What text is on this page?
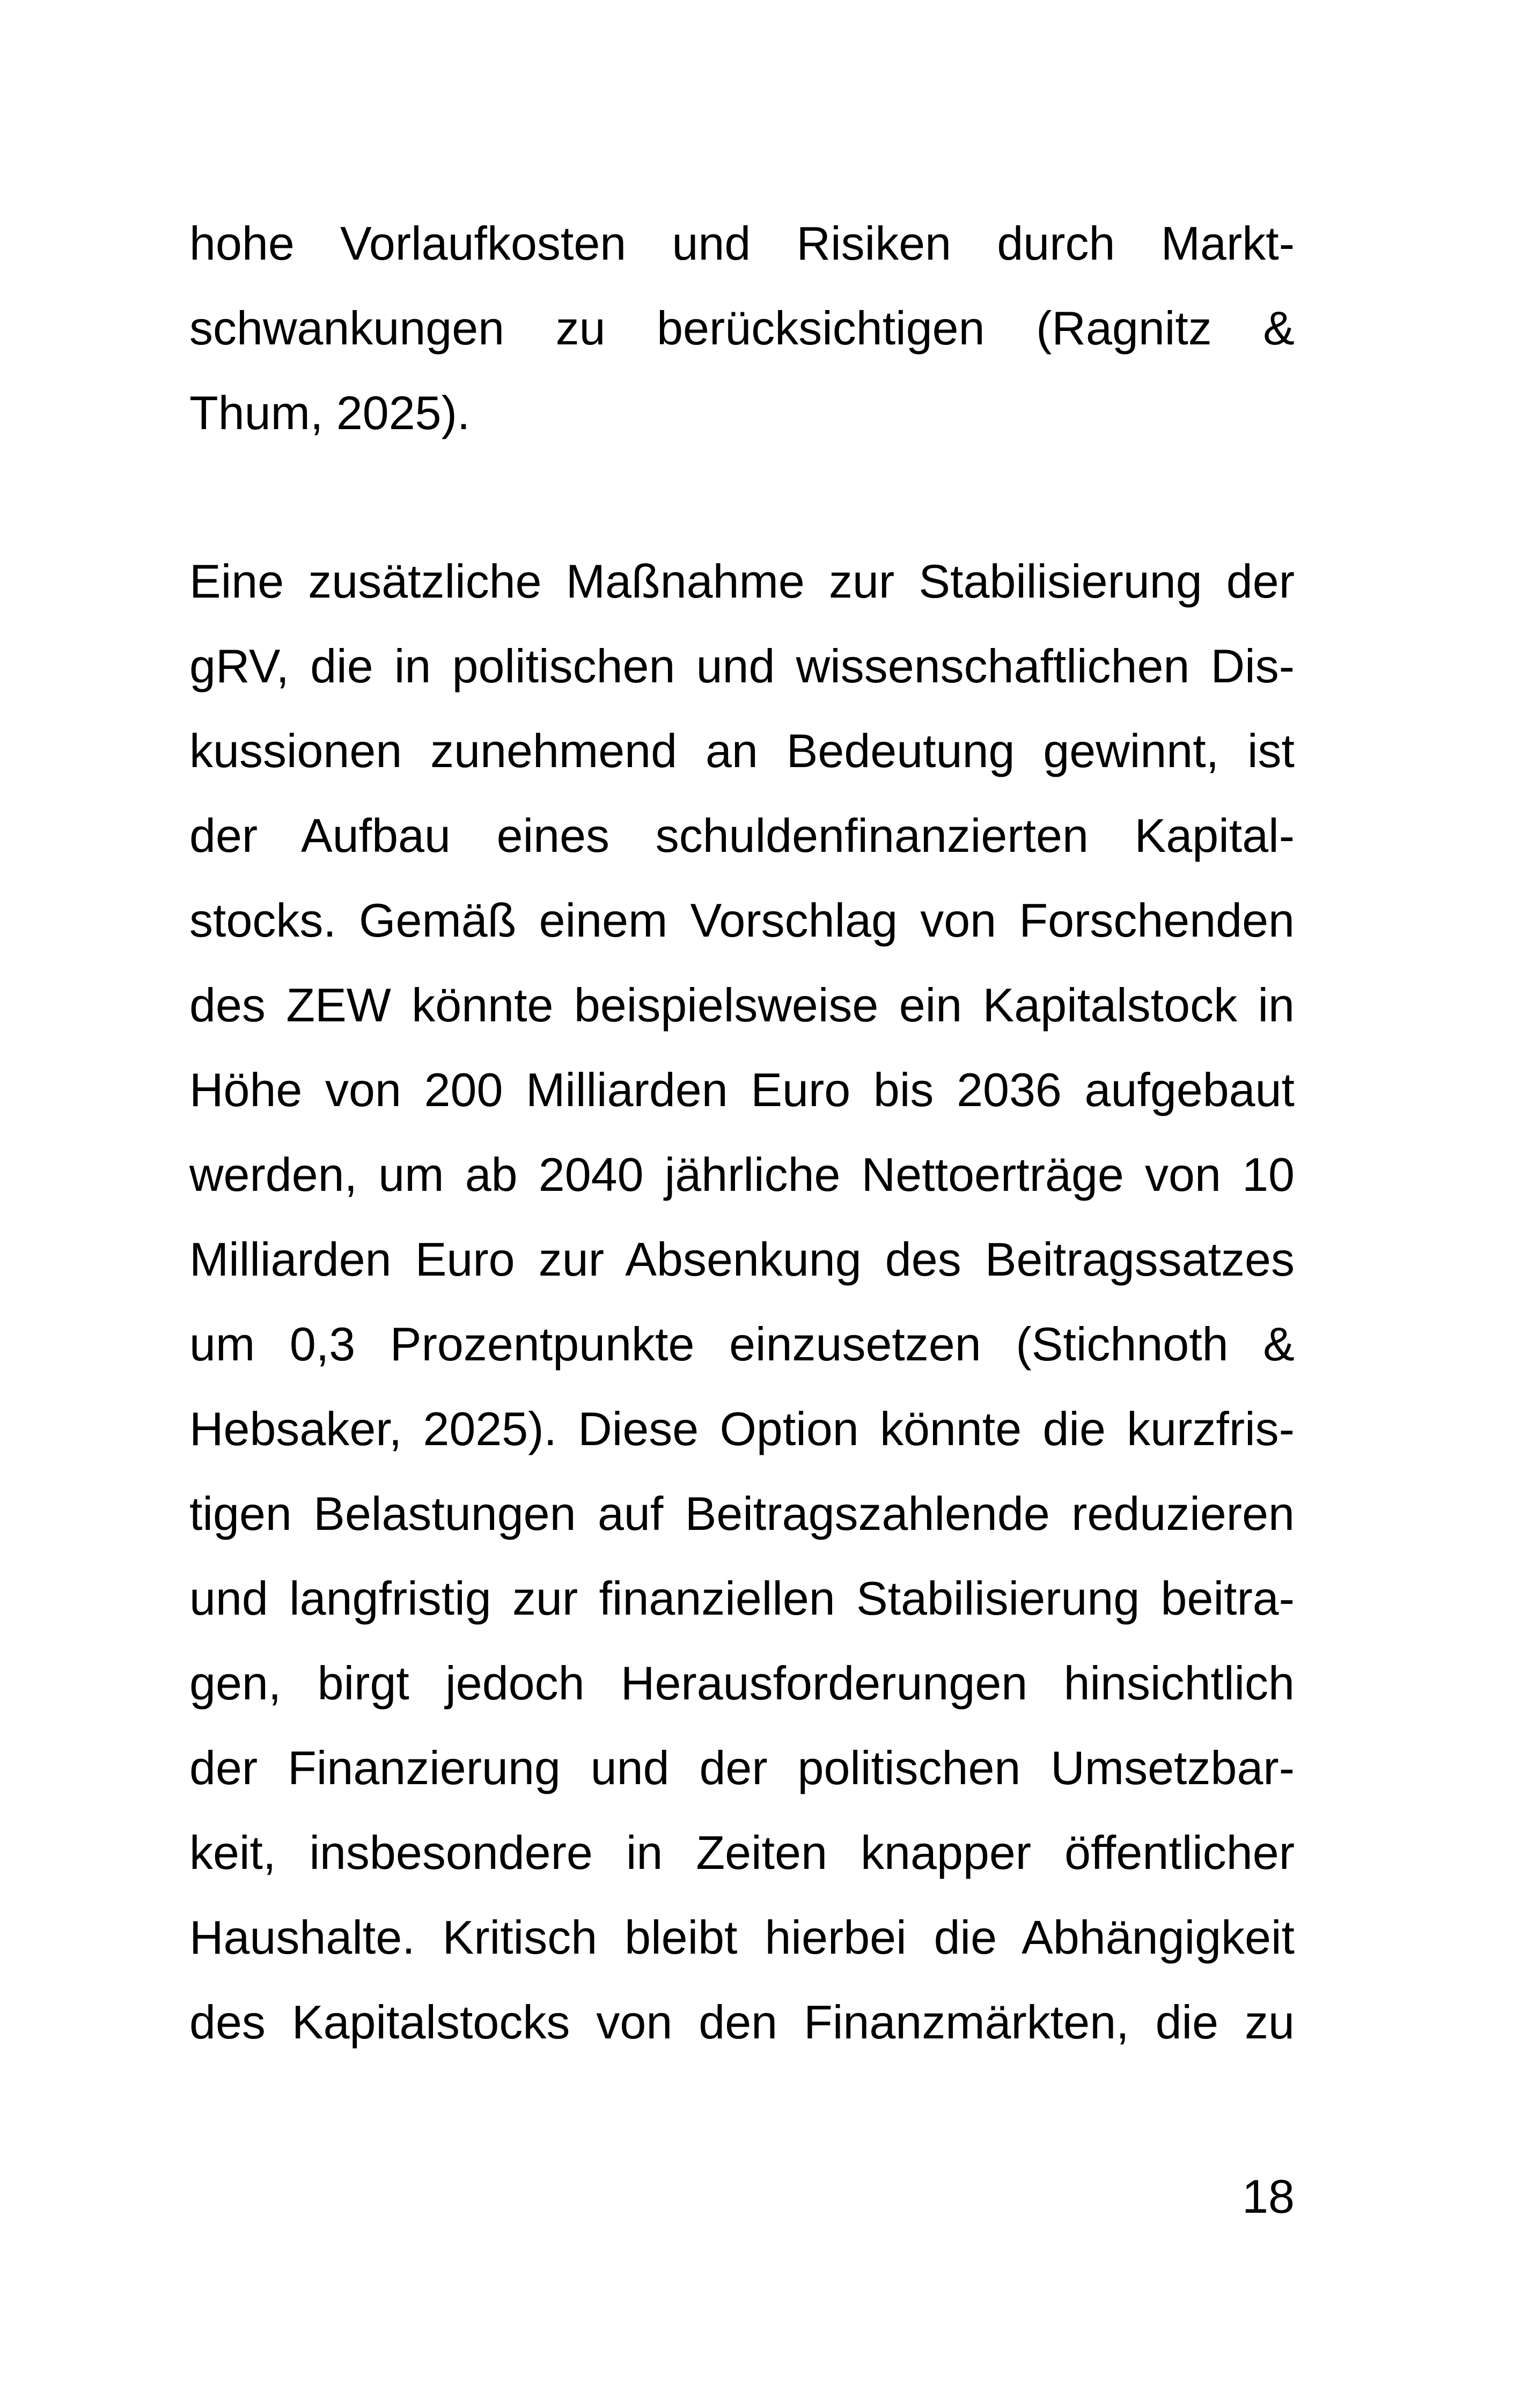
hohe Vorlaufkosten und Risiken durch Markt-
schwankungen zu berücksichtigen (Ragnitz &
Thum, 2025).
Eine zusätzliche Maßnahme zur Stabilisierung der
gRV, die in politischen und wissenschaftlichen Dis-
kussionen zunehmend an Bedeutung gewinnt, ist
der Aufbau eines schuldenfinanzierten Kapital-
stocks. Gemäß einem Vorschlag von Forschenden
des ZEW könnte beispielsweise ein Kapitalstock in
Höhe von 200 Milliarden Euro bis 2036 aufgebaut
werden, um ab 2040 jährliche Nettoerträge von 10
Milliarden Euro zur Absenkung des Beitragssatzes
um 0,3 Prozentpunkte einzusetzen (Stichnoth &
Hebsaker, 2025). Diese Option könnte die kurzfris-
tigen Belastungen auf Beitragszahlende reduzieren
und langfristig zur finanziellen Stabilisierung beitra-
gen, birgt jedoch Herausforderungen hinsichtlich
der Finanzierung und der politischen Umsetzbar-
keit, insbesondere in Zeiten knapper öffentlicher
Haushalte. Kritisch bleibt hierbei die Abhängigkeit
des Kapitalstocks von den Finanzmärkten, die zu
18
